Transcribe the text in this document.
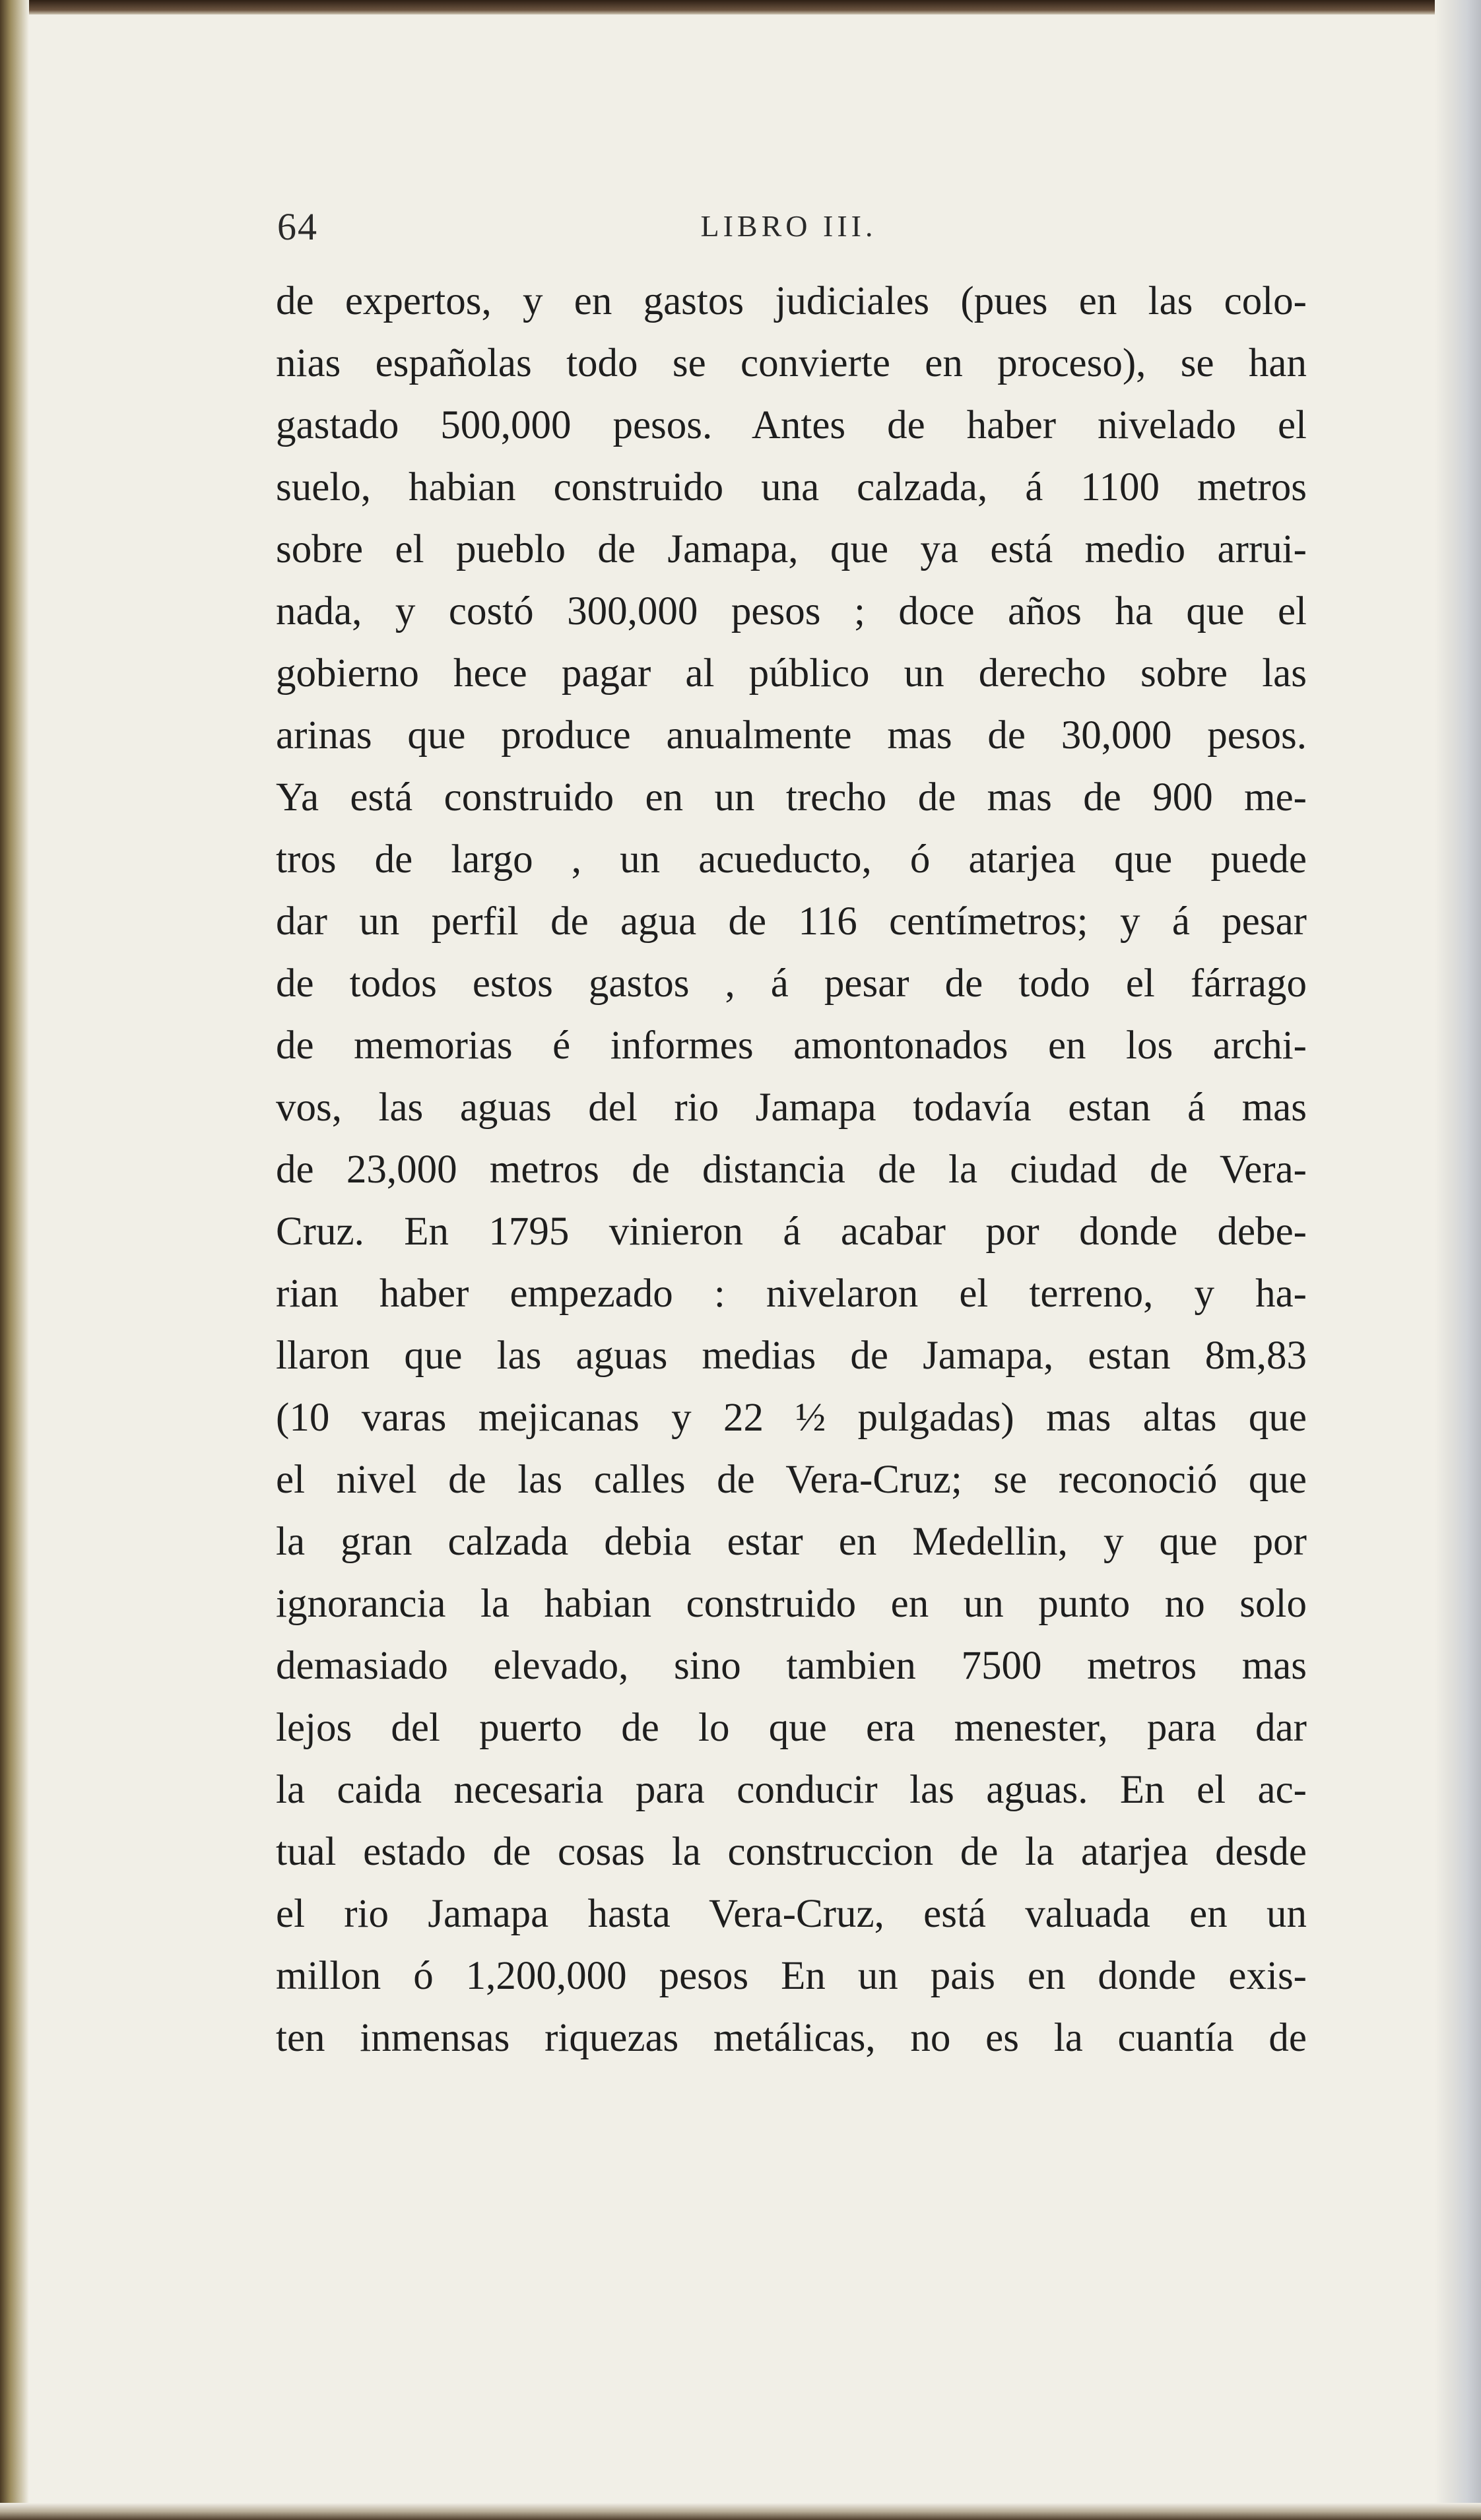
64	LIBRO III.
de expertos, y en gastos judiciales (pues en las colo-
nias españolas todo se convierte en proceso), se han
gastado 500,000 pesos. Antes de haber nivelado el
suelo, habian construido una calzada, á 1100 metros
sobre el pueblo de Jamapa, que ya está medio arrui-
nada, y costó 300,000 pesos ; doce años ha que el
gobierno hece pagar al público un derecho sobre las
arinas que produce anualmente mas de 30,000 pesos.
Ya está construido en un trecho de mas de 900 me-
tros de largo , un acueducto, ó atarjea que puede
dar un perfil de agua de 116 centímetros; y á pesar
de todos estos gastos , á pesar de todo el fárrago
de memorias é informes amontonados en los archi-
vos, las aguas del rio Jamapa todavía estan á mas
de 23,000 metros de distancia de la ciudad de Vera-
Cruz. En 1795 vinieron á acabar por donde debe-
rian haber empezado : nivelaron el terreno, y ha-
llaron que las aguas medias de Jamapa, estan 8m,83
(10 varas mejicanas y 22 ½ pulgadas) mas altas que
el nivel de las calles de Vera-Cruz; se reconoció que
la gran calzada debia estar en Medellin, y que por
ignorancia la habian construido en un punto no solo
demasiado elevado, sino tambien 7500 metros mas
lejos del puerto de lo que era menester, para dar
la caida necesaria para conducir las aguas. En el ac-
tual estado de cosas la construccion de la atarjea desde
el rio Jamapa hasta Vera-Cruz, está valuada en un
millon ó 1,200,000 pesos En un pais en donde exis-
ten inmensas riquezas metálicas, no es la cuantía de
